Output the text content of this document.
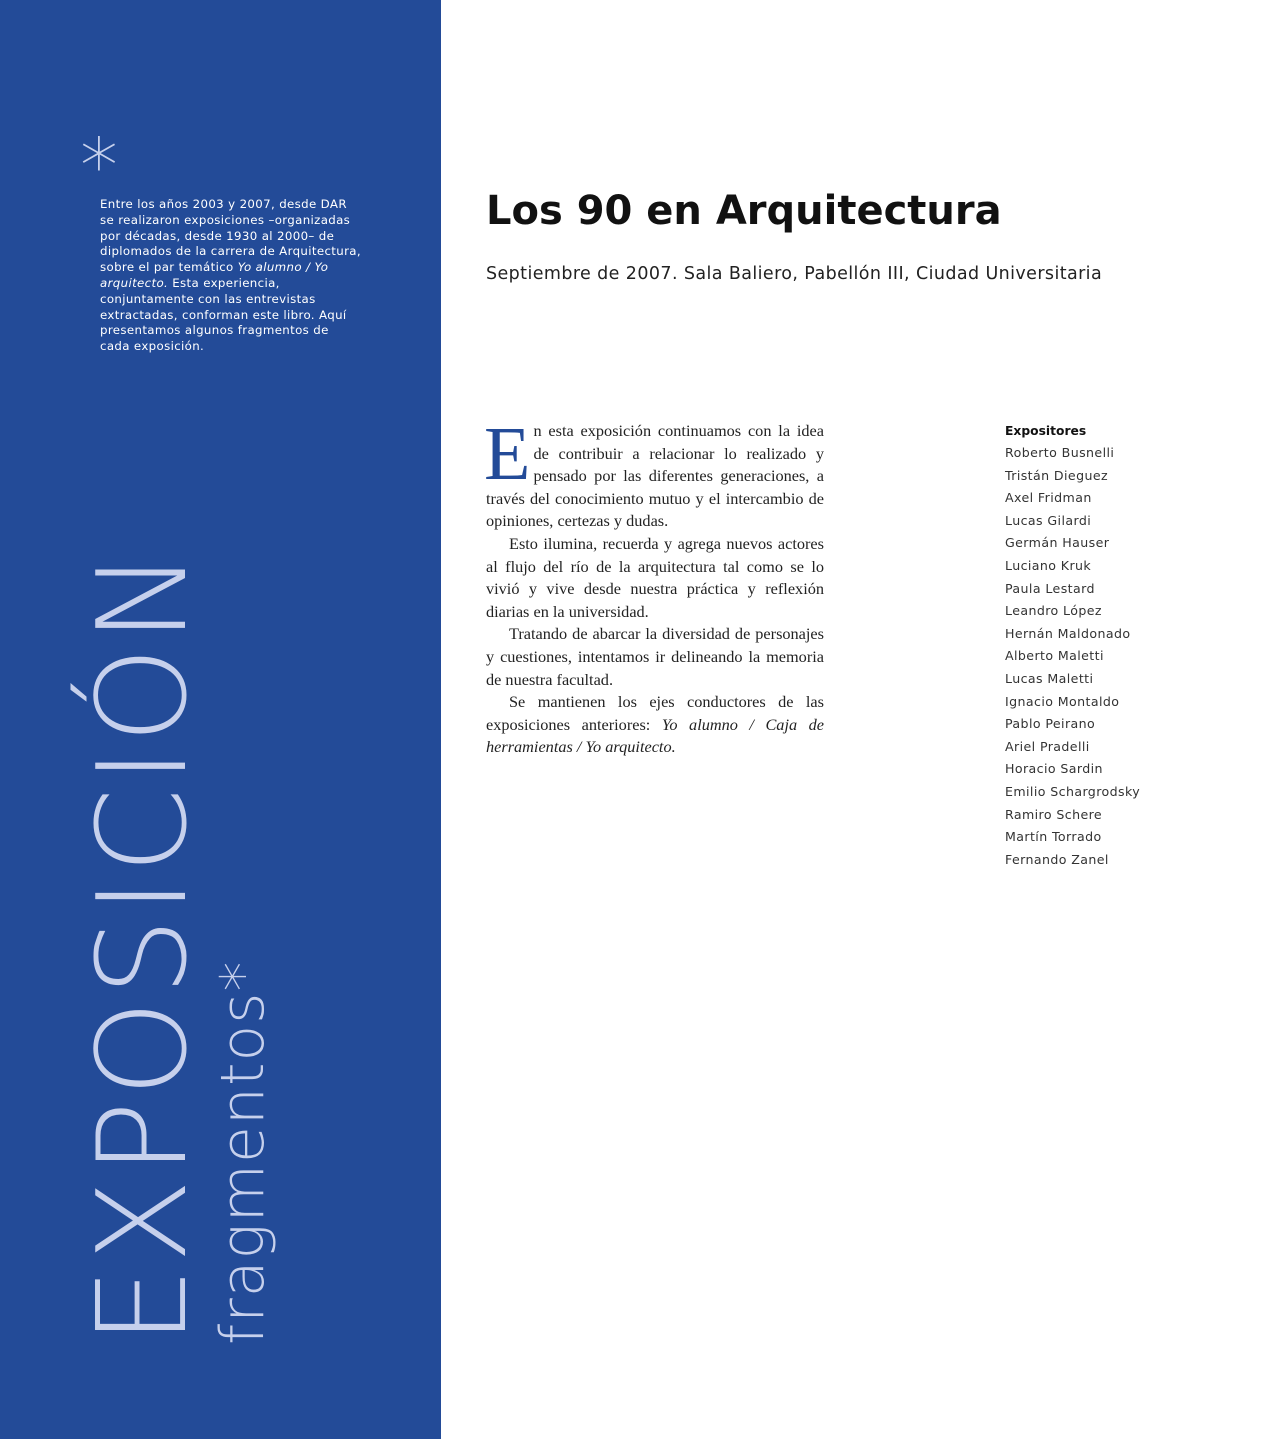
*

Entre los años 2003 y 2007, desde DAR se realizaron exposiciones –organizadas por décadas, desde 1930 al 2000– de diplomados de la carrera de Arquitectura, sobre el par temático Yo alumno / Yo arquitecto. Esta experiencia, conjuntamente con las entrevistas extractadas, conforman este libro. Aquí presentamos algunos fragmentos de cada exposición.

EXPOSICIÓN
fragmentos*
Los 90 en Arquitectura

Septiembre de 2007. Sala Baliero, Pabellón III, Ciudad Universitaria

En esta exposición continuamos con la idea de contribuir a relacionar lo realizado y pensado por las diferentes generaciones, a través del conocimiento mutuo y el intercambio de opiniones, certezas y dudas.

Esto ilumina, recuerda y agrega nuevos actores al flujo del río de la arquitectura tal como se lo vivió y vive desde nuestra práctica y reflexión diarias en la universidad.

Tratando de abarcar la diversidad de personajes y cuestiones, intentamos ir delineando la memoria de nuestra facultad.

Se mantienen los ejes conductores de las exposiciones anteriores: Yo alumno / Caja de herramientas / Yo arquitecto.

Expositores
Roberto Busnelli
Tristán Dieguez
Axel Fridman
Lucas Gilardi
Germán Hauser
Luciano Kruk
Paula Lestard
Leandro López
Hernán Maldonado
Alberto Maletti
Lucas Maletti
Ignacio Montaldo
Pablo Peirano
Ariel Pradelli
Horacio Sardin
Emilio Schargrodsky
Ramiro Schere
Martín Torrado
Fernando Zanel
